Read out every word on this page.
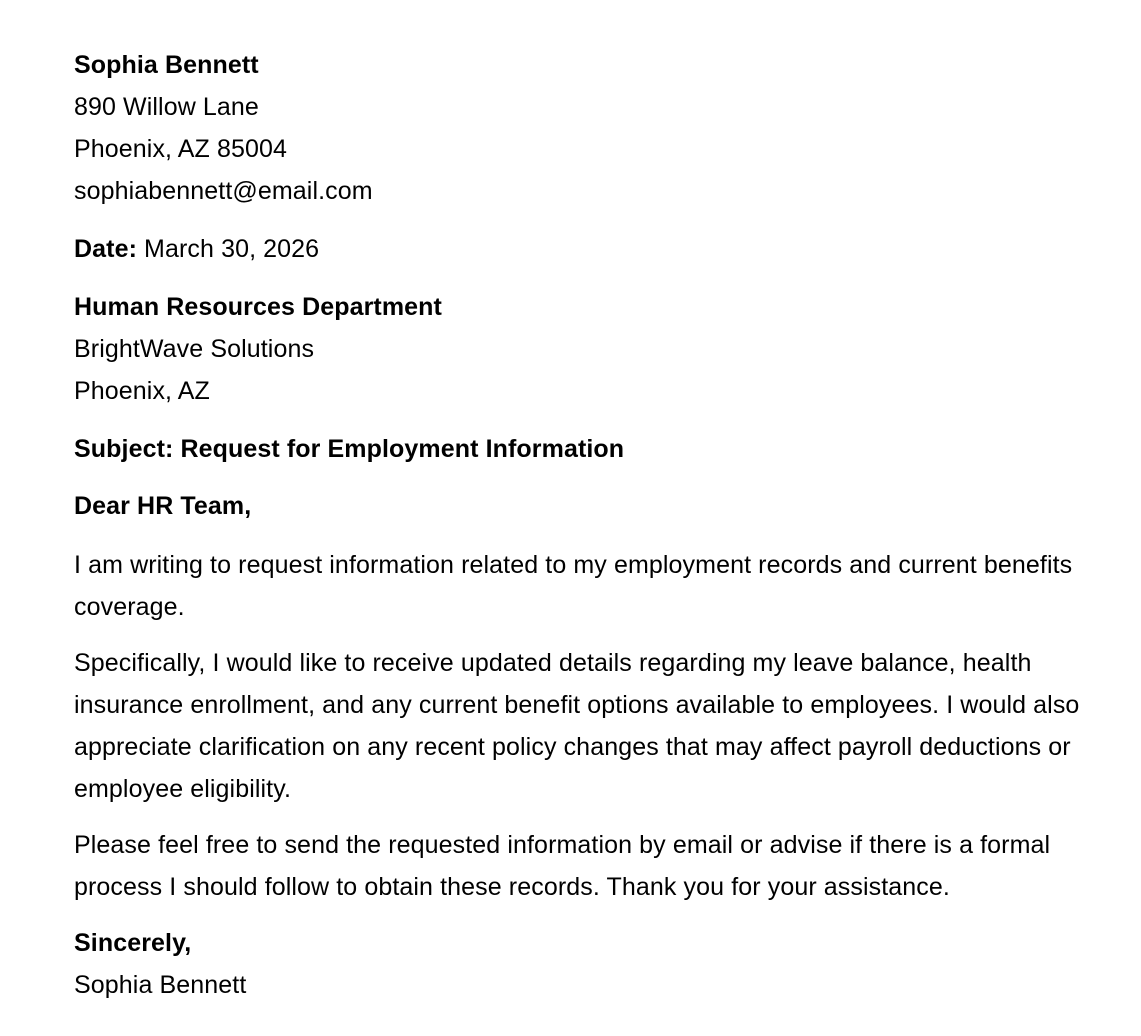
Sophia Bennett
890 Willow Lane
Phoenix, AZ 85004
sophiabennett@email.com
Date: March 30, 2026
Human Resources Department
BrightWave Solutions
Phoenix, AZ
Subject: Request for Employment Information
Dear HR Team,

I am writing to request information related to my employment records and current benefits coverage.

Specifically, I would like to receive updated details regarding my leave balance, health insurance enrollment, and any current benefit options available to employees. I would also appreciate clarification on any recent policy changes that may affect payroll deductions or employee eligibility.

Please feel free to send the requested information by email or advise if there is a formal process I should follow to obtain these records. Thank you for your assistance.

Sincerely,
Sophia Bennett
